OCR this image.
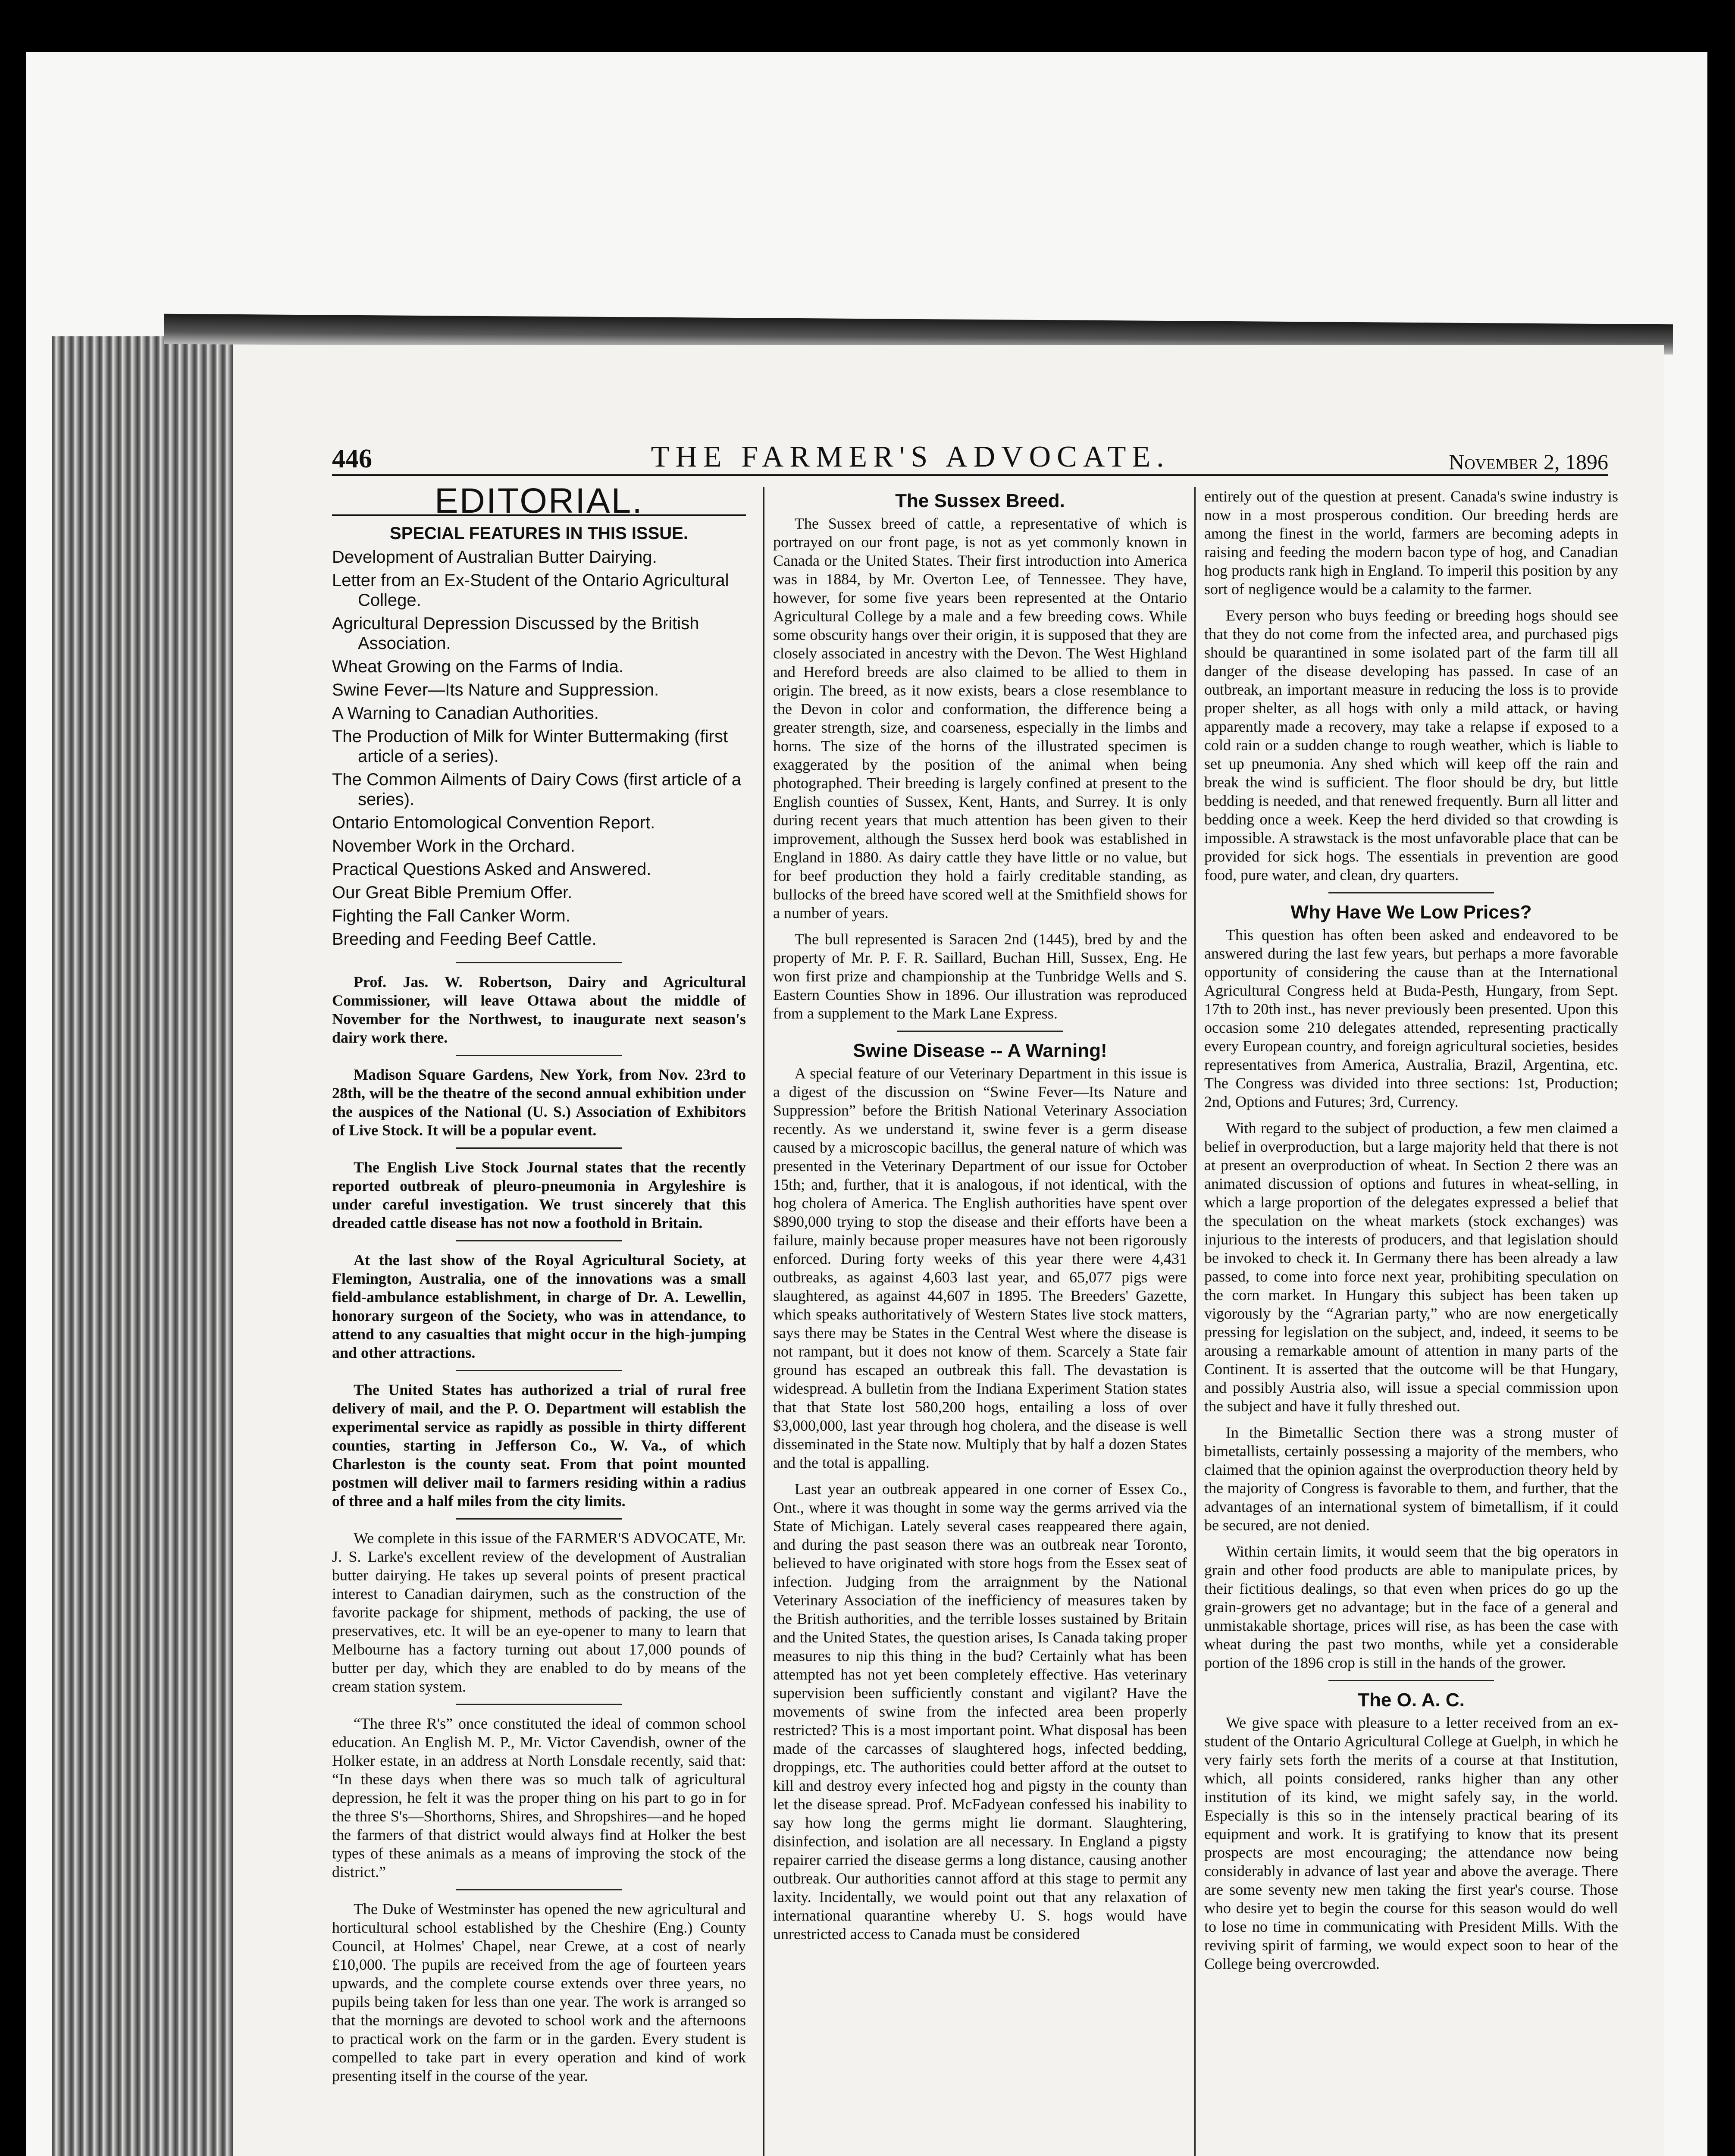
446	THE FARMER'S ADVOCATE.	November 2, 1896
EDITORIAL.
SPECIAL FEATURES IN THIS ISSUE.
Development of Australian Butter Dairying.
Letter from an Ex-Student of the Ontario Agricultural College.
Agricultural Depression Discussed by the British Association.
Wheat Growing on the Farms of India.
Swine Fever—Its Nature and Suppression.
A Warning to Canadian Authorities.
The Production of Milk for Winter Buttermaking (first article of a series).
The Common Ailments of Dairy Cows (first article of a series).
Ontario Entomological Convention Report.
November Work in the Orchard.
Practical Questions Asked and Answered.
Our Great Bible Premium Offer.
Fighting the Fall Canker Worm.
Breeding and Feeding Beef Cattle.

Prof. Jas. W. Robertson, Dairy and Agricultural Commissioner, will leave Ottawa about the middle of November for the Northwest, to inaugurate next season's dairy work there.

Madison Square Gardens, New York, from Nov. 23rd to 28th, will be the theatre of the second annual exhibition under the auspices of the National (U. S.) Association of Exhibitors of Live Stock. It will be a popular event.

The English Live Stock Journal states that the recently reported outbreak of pleuro-pneumonia in Argyleshire is under careful investigation. We trust sincerely that this dreaded cattle disease has not now a foothold in Britain.

At the last show of the Royal Agricultural Society, at Flemington, Australia, one of the innovations was a small field-ambulance establishment, in charge of Dr. A. Lewellin, honorary surgeon of the Society, who was in attendance, to attend to any casualties that might occur in the high-jumping and other attractions.

The United States has authorized a trial of rural free delivery of mail, and the P. O. Department will establish the experimental service as rapidly as possible in thirty different counties, starting in Jefferson Co., W. Va., of which Charleston is the county seat. From that point mounted postmen will deliver mail to farmers residing within a radius of three and a half miles from the city limits.

We complete in this issue of the FARMER'S ADVOCATE, Mr. J. S. Larke's excellent review of the development of Australian butter dairying. He takes up several points of present practical interest to Canadian dairymen, such as the construction of the favorite package for shipment, methods of packing, the use of preservatives, etc. It will be an eye-opener to many to learn that Melbourne has a factory turning out about 17,000 pounds of butter per day, which they are enabled to do by means of the cream station system.

“The three R's” once constituted the ideal of common school education. An English M. P., Mr. Victor Cavendish, owner of the Holker estate, in an address at North Lonsdale recently, said that: “In these days when there was so much talk of agricultural depression, he felt it was the proper thing on his part to go in for the three S's—Shorthorns, Shires, and Shropshires—and he hoped the farmers of that district would always find at Holker the best types of these animals as a means of improving the stock of the district.”

The Duke of Westminster has opened the new agricultural and horticultural school established by the Cheshire (Eng.) County Council, at Holmes' Chapel, near Crewe, at a cost of nearly £10,000. The pupils are received from the age of fourteen years upwards, and the complete course extends over three years, no pupils being taken for less than one year. The work is arranged so that the mornings are devoted to school work and the afternoons to practical work on the farm or in the garden. Every student is compelled to take part in every operation and kind of work presenting itself in the course of the year.

The Sussex Breed.

The Sussex breed of cattle, a representative of which is portrayed on our front page, is not as yet commonly known in Canada or the United States. Their first introduction into America was in 1884, by Mr. Overton Lee, of Tennessee. They have, however, for some five years been represented at the Ontario Agricultural College by a male and a few breeding cows. While some obscurity hangs over their origin, it is supposed that they are closely associated in ancestry with the Devon. The West Highland and Hereford breeds are also claimed to be allied to them in origin. The breed, as it now exists, bears a close resemblance to the Devon in color and conformation, the difference being a greater strength, size, and coarseness, especially in the limbs and horns. The size of the horns of the illustrated specimen is exaggerated by the position of the animal when being photographed. Their breeding is largely confined at present to the English counties of Sussex, Kent, Hants, and Surrey. It is only during recent years that much attention has been given to their improvement, although the Sussex herd book was established in England in 1880. As dairy cattle they have little or no value, but for beef production they hold a fairly creditable standing, as bullocks of the breed have scored well at the Smithfield shows for a number of years.

The bull represented is Saracen 2nd (1445), bred by and the property of Mr. P. F. R. Saillard, Buchan Hill, Sussex, Eng. He won first prize and championship at the Tunbridge Wells and S. Eastern Counties Show in 1896. Our illustration was reproduced from a supplement to the Mark Lane Express.

Swine Disease -- A Warning!

A special feature of our Veterinary Department in this issue is a digest of the discussion on “Swine Fever—Its Nature and Suppression” before the British National Veterinary Association recently. As we understand it, swine fever is a germ disease caused by a microscopic bacillus, the general nature of which was presented in the Veterinary Department of our issue for October 15th; and, further, that it is analogous, if not identical, with the hog cholera of America. The English authorities have spent over $890,000 trying to stop the disease and their efforts have been a failure, mainly because proper measures have not been rigorously enforced. During forty weeks of this year there were 4,431 outbreaks, as against 4,603 last year, and 65,077 pigs were slaughtered, as against 44,607 in 1895. The Breeders' Gazette, which speaks authoritatively of Western States live stock matters, says there may be States in the Central West where the disease is not rampant, but it does not know of them. Scarcely a State fair ground has escaped an outbreak this fall. The devastation is widespread. A bulletin from the Indiana Experiment Station states that that State lost 580,200 hogs, entailing a loss of over $3,000,000, last year through hog cholera, and the disease is well disseminated in the State now. Multiply that by half a dozen States and the total is appalling.

Last year an outbreak appeared in one corner of Essex Co., Ont., where it was thought in some way the germs arrived via the State of Michigan. Lately several cases reappeared there again, and during the past season there was an outbreak near Toronto, believed to have originated with store hogs from the Essex seat of infection. Judging from the arraignment by the National Veterinary Association of the inefficiency of measures taken by the British authorities, and the terrible losses sustained by Britain and the United States, the question arises, Is Canada taking proper measures to nip this thing in the bud? Certainly what has been attempted has not yet been completely effective. Has veterinary supervision been sufficiently constant and vigilant? Have the movements of swine from the infected area been properly restricted? This is a most important point. What disposal has been made of the carcasses of slaughtered hogs, infected bedding, droppings, etc. The authorities could better afford at the outset to kill and destroy every infected hog and pigsty in the county than let the disease spread. Prof. McFadyean confessed his inability to say how long the germs might lie dormant. Slaughtering, disinfection, and isolation are all necessary. In England a pigsty repairer carried the disease germs a long distance, causing another outbreak. Our authorities cannot afford at this stage to permit any laxity. Incidentally, we would point out that any relaxation of international quarantine whereby U. S. hogs would have unrestricted access to Canada must be considered

entirely out of the question at present. Canada's swine industry is now in a most prosperous condition. Our breeding herds are among the finest in the world, farmers are becoming adepts in raising and feeding the modern bacon type of hog, and Canadian hog products rank high in England. To imperil this position by any sort of negligence would be a calamity to the farmer.

Every person who buys feeding or breeding hogs should see that they do not come from the infected area, and purchased pigs should be quarantined in some isolated part of the farm till all danger of the disease developing has passed. In case of an outbreak, an important measure in reducing the loss is to provide proper shelter, as all hogs with only a mild attack, or having apparently made a recovery, may take a relapse if exposed to a cold rain or a sudden change to rough weather, which is liable to set up pneumonia. Any shed which will keep off the rain and break the wind is sufficient. The floor should be dry, but little bedding is needed, and that renewed frequently. Burn all litter and bedding once a week. Keep the herd divided so that crowding is impossible. A strawstack is the most unfavorable place that can be provided for sick hogs. The essentials in prevention are good food, pure water, and clean, dry quarters.

Why Have We Low Prices?

This question has often been asked and endeavored to be answered during the last few years, but perhaps a more favorable opportunity of considering the cause than at the International Agricultural Congress held at Buda-Pesth, Hungary, from Sept. 17th to 20th inst., has never previously been presented. Upon this occasion some 210 delegates attended, representing practically every European country, and foreign agricultural societies, besides representatives from America, Australia, Brazil, Argentina, etc. The Congress was divided into three sections: 1st, Production; 2nd, Options and Futures; 3rd, Currency.

With regard to the subject of production, a few men claimed a belief in overproduction, but a large majority held that there is not at present an overproduction of wheat. In Section 2 there was an animated discussion of options and futures in wheat-selling, in which a large proportion of the delegates expressed a belief that the speculation on the wheat markets (stock exchanges) was injurious to the interests of producers, and that legislation should be invoked to check it. In Germany there has been already a law passed, to come into force next year, prohibiting speculation on the corn market. In Hungary this subject has been taken up vigorously by the “Agrarian party,” who are now energetically pressing for legislation on the subject, and, indeed, it seems to be arousing a remarkable amount of attention in many parts of the Continent. It is asserted that the outcome will be that Hungary, and possibly Austria also, will issue a special commission upon the subject and have it fully threshed out.

In the Bimetallic Section there was a strong muster of bimetallists, certainly possessing a majority of the members, who claimed that the opinion against the overproduction theory held by the majority of Congress is favorable to them, and further, that the advantages of an international system of bimetallism, if it could be secured, are not denied.

Within certain limits, it would seem that the big operators in grain and other food products are able to manipulate prices, by their fictitious dealings, so that even when prices do go up the grain-growers get no advantage; but in the face of a general and unmistakable shortage, prices will rise, as has been the case with wheat during the past two months, while yet a considerable portion of the 1896 crop is still in the hands of the grower.

The O. A. C.

We give space with pleasure to a letter received from an ex-student of the Ontario Agricultural College at Guelph, in which he very fairly sets forth the merits of a course at that Institution, which, all points considered, ranks higher than any other institution of its kind, we might safely say, in the world. Especially is this so in the intensely practical bearing of its equipment and work. It is gratifying to know that its present prospects are most encouraging; the attendance now being considerably in advance of last year and above the average. There are some seventy new men taking the first year's course. Those who desire yet to begin the course for this season would do well to lose no time in communicating with President Mills. With the reviving spirit of farming, we would expect soon to hear of the College being overcrowded.
